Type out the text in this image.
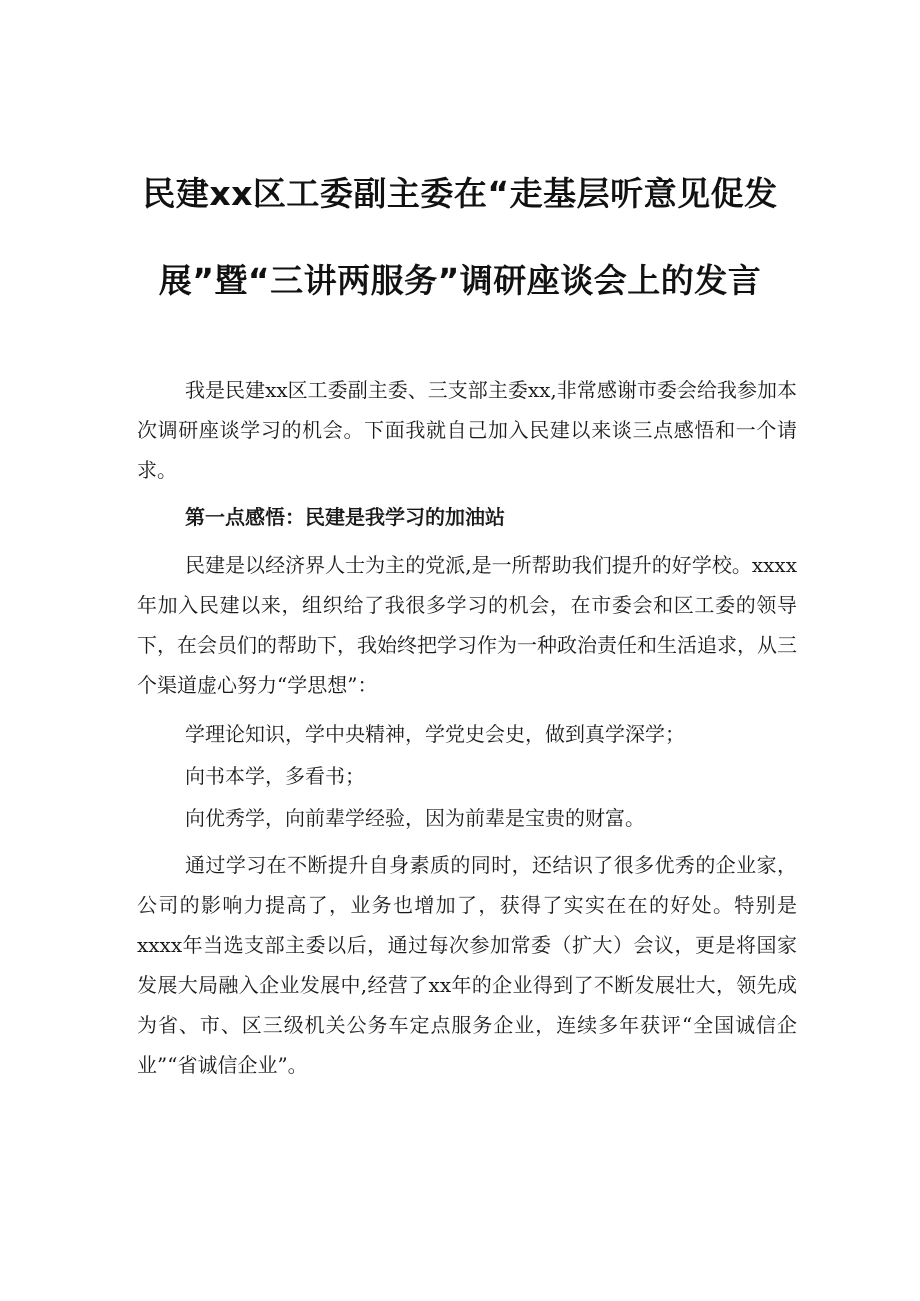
民建xx区工委副主委在“走基层听意见促发
展”暨“三讲两服务”调研座谈会上的发言

我是民建xx区工委副主委、三支部主委xx,非常感谢市委会给我参加本次调研座谈学习的机会。下面我就自己加入民建以来谈三点感悟和一个请求。

第一点感悟：民建是我学习的加油站

民建是以经济界人士为主的党派,是一所帮助我们提升的好学校。xxxx年加入民建以来，组织给了我很多学习的机会，在市委会和区工委的领导下，在会员们的帮助下，我始终把学习作为一种政治责任和生活追求，从三个渠道虚心努力“学思想”：

学理论知识，学中央精神，学党史会史，做到真学深学；

向书本学，多看书；

向优秀学，向前辈学经验，因为前辈是宝贵的财富。

通过学习在不断提升自身素质的同时，还结识了很多优秀的企业家，公司的影响力提高了，业务也增加了，获得了实实在在的好处。特别是xxxx年当选支部主委以后，通过每次参加常委（扩大）会议，更是将国家发展大局融入企业发展中,经营了xx年的企业得到了不断发展壮大，领先成为省、市、区三级机关公务车定点服务企业，连续多年获评“全国诚信企业”“省诚信企业”。
